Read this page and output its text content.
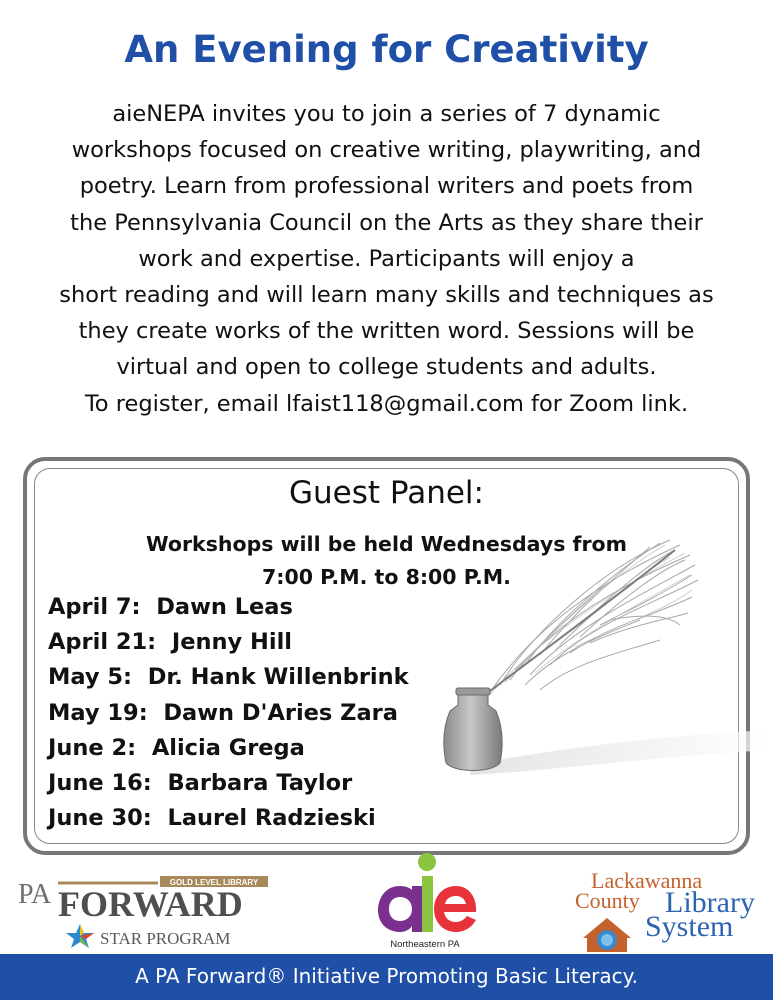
An Evening for Creativity
aieNEPA invites you to join a series of 7 dynamic
workshops focused on creative writing, playwriting, and
poetry. Learn from professional writers and poets from
the Pennsylvania Council on the Arts as they share their
work and expertise. Participants will enjoy a
short reading and will learn many skills and techniques as
they create works of the written word. Sessions will be
virtual and open to college students and adults.
To register, email lfaist118@gmail.com for Zoom link.
Guest Panel:
Workshops will be held Wednesdays from
7:00 P.M. to 8:00 P.M.
April 7: Dawn Leas
April 21: Jenny Hill
May 5: Dr. Hank Willenbrink
May 19: Dawn D'Aries Zara
June 2: Alicia Grega
June 16: Barbara Taylor
June 30: Laurel Radzieski
GOLD LEVEL LIBRARY
PA FORWARD
STAR PROGRAM	Northeastern PA
Lackawanna
County Library
System
A PA Forward® Initiative Promoting Basic Literacy.
